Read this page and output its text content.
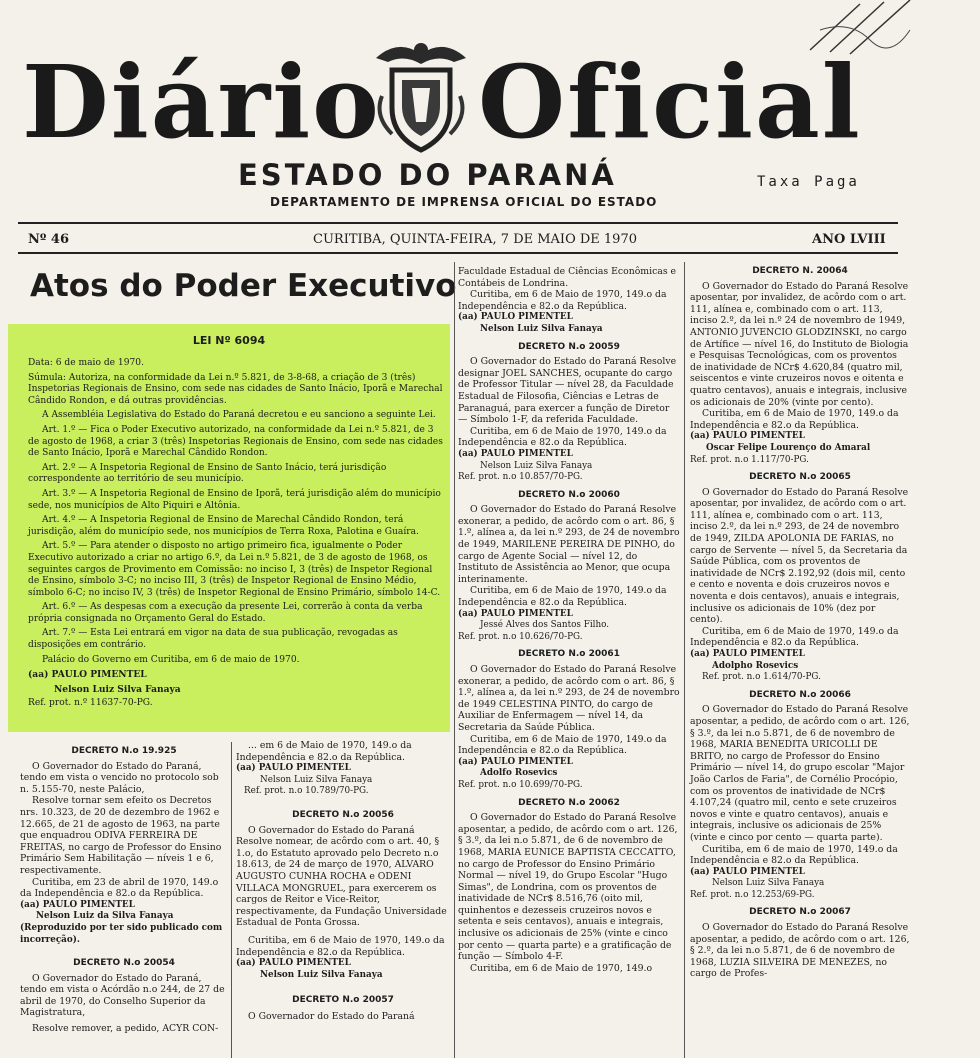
Diário Oficial
ESTADO DO PARANÁ
DEPARTAMENTO DE IMPRENSA OFICIAL DO ESTADO
Taxa Paga
Nº 46	CURITIBA, QUINTA-FEIRA, 7 DE MAIO DE 1970	ANO LVIII
Atos do Poder Executivo
LEI Nº 6094

Data: 6 de maio de 1970.

Súmula: Autoriza, na conformidade da Lei n.º 5.821, de 3-8-68, a criação de 3 (três) Inspetorias Regionais de Ensino, com sede nas cidades de Santo Inácio, Iporã e Marechal Cândido Rondon, e dá outras providências.

A Assembléia Legislativa do Estado do Paraná decretou e eu sanciono a seguinte Lei.

Art. 1.º — Fica o Poder Executivo autorizado, na conformidade da Lei n.º 5.821, de 3 de agosto de 1968, a criar 3 (três) Inspetorias Regionais de Ensino, com sede nas cidades de Santo Inácio, Iporã e Marechal Cândido Rondon.

Art. 2.º — A Inspetoria Regional de Ensino de Santo Inácio, terá jurisdição correspondente ao território de seu município.

Art. 3.º — A Inspetoria Regional de Ensino de Iporã, terá jurisdição além do município sede, nos municípios de Alto Piquiri e Altônia.

Art. 4.º — A Inspetoria Regional de Ensino de Marechal Cândido Rondon, terá jurisdição, além do município sede, nos municípios de Terra Roxa, Palotina e Guaíra.

Art. 5.º — Para atender o disposto no artigo primeiro fica, igualmente o Poder Executivo autorizado a criar no artigo 6.º, da Lei n.º 5.821, de 3 de agosto de 1968, os seguintes cargos de Provimento em Comissão: no inciso I, 3 (três) de Inspetor Regional de Ensino, símbolo 3-C; no inciso III, 3 (três) de Inspetor Regional de Ensino Médio, símbolo 6-C; no inciso IV, 3 (três) de Inspetor Regional de Ensino Primário, símbolo 14-C.

Art. 6.º — As despesas com a execução da presente Lei, correrão à conta da verba própria consignada no Orçamento Geral do Estado.

Art. 7.º — Esta Lei entrará em vigor na data de sua publicação, revogadas as disposições em contrário.

Palácio do Governo em Curitiba, em 6 de maio de 1970.

(aa) PAULO PIMENTEL

Nelson Luiz Silva Fanaya

Ref. prot. n.º 11637-70-PG.

DECRETO N.o 19.925

O Governador do Estado do Paraná, tendo em vista o vencido no protocolo sob n. 5.155-70, neste Palácio,

Resolve tornar sem efeito os Decretos nrs. 10.323, de 20 de dezembro de 1962 e 12.665, de 21 de agosto de 1963, na parte que enquadrou ODIVA FERREIRA DE FREITAS, no cargo de Professor do Ensino Primário Sem Habilitação — níveis 1 e 6, respectivamente.

Curitiba, em 23 de abril de 1970, 149.o da Independência e 82.o da República.

(aa) PAULO PIMENTEL

Nelson Luiz da Silva Fanaya

(Reproduzido por ter sido publicado com incorreção).

DECRETO N.o 20054

O Governador do Estado do Paraná, tendo em vista o Acórdão n.o 244, de 27 de abril de 1970, do Conselho Superior da Magistratura,

Resolve remover, a pedido, ACYR CON-

... em 6 de Maio de 1970, 149.o da Independência e 82.o da República.

(aa) PAULO PIMENTEL

Nelson Luiz Silva Fanaya

Ref. prot. n.o 10.789/70-PG.

DECRETO N.o 20056

O Governador do Estado do Paraná Resolve nomear, de acôrdo com o art. 40, § 1.o, do Estatuto aprovado pelo Decreto n.o 18.613, de 24 de março de 1970, ALVARO AUGUSTO CUNHA ROCHA e ODENI VILLACA MONGRUEL, para exercerem os cargos de Reitor e Vice-Reitor, respectivamente, da Fundação Universidade Estadual de Ponta Grossa.

Curitiba, em 6 de Maio de 1970, 149.o da Independência e 82.o da República.

(aa) PAULO PIMENTEL

Nelson Luiz Silva Fanaya

DECRETO N.o 20057

O Governador do Estado do Paraná

Faculdade Estadual de Ciências Econômicas e Contábeis de Londrina.

Curitiba, em 6 de Maio de 1970, 149.o da Independência e 82.o da República.

(aa) PAULO PIMENTEL

Nelson Luiz Silva Fanaya

DECRETO N.o 20059

O Governador do Estado do Paraná Resolve designar JOEL SANCHES, ocupante do cargo de Professor Titular — nível 28, da Faculdade Estadual de Filosofia, Ciências e Letras de Paranaguá, para exercer a função de Diretor — Símbolo 1-F, da referida Faculdade.

Curitiba, em 6 de Maio de 1970, 149.o da Independência e 82.o da República.

(aa) PAULO PIMENTEL

Nelson Luiz Silva Fanaya

Ref. prot. n.o 10.857/70-PG.

DECRETO N.o 20060

O Governador do Estado do Paraná Resolve exonerar, a pedido, de acôrdo com o art. 86, § 1.º, alínea a, da lei n.º 293, de 24 de novembro de 1949, MARILENE PEREIRA DE PINHO, do cargo de Agente Social — nível 12, do Instituto de Assistência ao Menor, que ocupa interinamente.

Curitiba, em 6 de Maio de 1970, 149.o da Independência e 82.o da República.

(aa) PAULO PIMENTEL

Jessé Alves dos Santos Filho.

Ref. prot. n.o 10.626/70-PG.

DECRETO N.o 20061

O Governador do Estado do Paraná Resolve exonerar, a pedido, de acôrdo com o art. 86, § 1.º, alínea a, da lei n.º 293, de 24 de novembro de 1949 CELESTINA PINTO, do cargo de Auxiliar de Enfermagem — nível 14, da Secretaria da Saúde Pública.

Curitiba, em 6 de Maio de 1970, 149.o da Independência e 82.o da República.

(aa) PAULO PIMENTEL

Adolfo Rosevics

Ref. prot. n.o 10.699/70-PG.

DECRETO N.o 20062

O Governador do Estado do Paraná Resolve aposentar, a pedido, de acôrdo com o art. 126, § 3.º, da lei n.o 5.871, de 6 de novembro de 1968, MARIA EUNICE BAPTISTA CECCATTO, no cargo de Professor do Ensino Primário Normal — nível 19, do Grupo Escolar "Hugo Simas", de Londrina, com os proventos de inatividade de NCr$ 8.516,76 (oito mil, quinhentos e dezesseis cruzeiros novos e setenta e seis centavos), anuais e integrais, inclusive os adicionais de 25% (vinte e cinco por cento — quarta parte) e a gratificação de função — Símbolo 4-F.

Curitiba, em 6 de Maio de 1970, 149.o

DECRETO N. 20064

O Governador do Estado do Paraná Resolve aposentar, por invalidez, de acôrdo com o art. 111, alínea e, combinado com o art. 113, inciso 2.º, da lei n.º 24 de novembro de 1949, ANTONIO JUVENCIO GLODZINSKI, no cargo de Artífice — nível 16, do Instituto de Biologia e Pesquisas Tecnológicas, com os proventos de inatividade de NCr$ 4.620,84 (quatro mil, seiscentos e vinte cruzeiros novos e oitenta e quatro centavos), anuais e integrais, inclusive os adicionais de 20% (vinte por cento).

Curitiba, em 6 de Maio de 1970, 149.o da Independência e 82.o da República.

(aa) PAULO PIMENTEL

Oscar Felipe Lourenço do Amaral

Ref. prot. n.o 1.117/70-PG.

DECRETO N.o 20065

O Governador do Estado do Paraná Resolve aposentar, por invalidez, de acôrdo com o art. 111, alínea e, combinado com o art. 113, inciso 2.º, da lei n.º 293, de 24 de novembro de 1949, ZILDA APOLONIA DE FARIAS, no cargo de Servente — nível 5, da Secretaria da Saúde Pública, com os proventos de inatividade de NCr$ 2.192,92 (dois mil, cento e cento e noventa e dois cruzeiros novos e noventa e dois centavos), anuais e integrais, inclusive os adicionais de 10% (dez por cento).

Curitiba, em 6 de Maio de 1970, 149.o da Independência e 82.o da República.

(aa) PAULO PIMENTEL

Adolpho Rosevics

Ref. prot. n.o 1.614/70-PG.

DECRETO N.o 20066

O Governador do Estado do Paraná Resolve aposentar, a pedido, de acôrdo com o art. 126, § 3.º, da lei n.o 5.871, de 6 de novembro de 1968, MARIA BENEDITA URICOLLI DE BRITO, no cargo de Professor do Ensino Primário — nível 14, do grupo escolar "Major João Carlos de Faria", de Cornélio Procópio, com os proventos de inatividade de NCr$ 4.107,24 (quatro mil, cento e sete cruzeiros novos e vinte e quatro centavos), anuais e integrais, inclusive os adicionais de 25% (vinte e cinco por cento — quarta parte).

Curitiba, em 6 de maio de 1970, 149.o da Independência e 82.o da República.

(aa) PAULO PIMENTEL

Nelson Luiz Silva Fanaya

Ref. prot. n.o 12.253/69-PG.

DECRETO N.o 20067

O Governador do Estado do Paraná Resolve aposentar, a pedido, de acôrdo com o art. 126, § 2.º, da lei n.o 5.871, de 6 de novembro de 1968, LUZIA SILVEIRA DE MENEZES, no cargo de Profes-
